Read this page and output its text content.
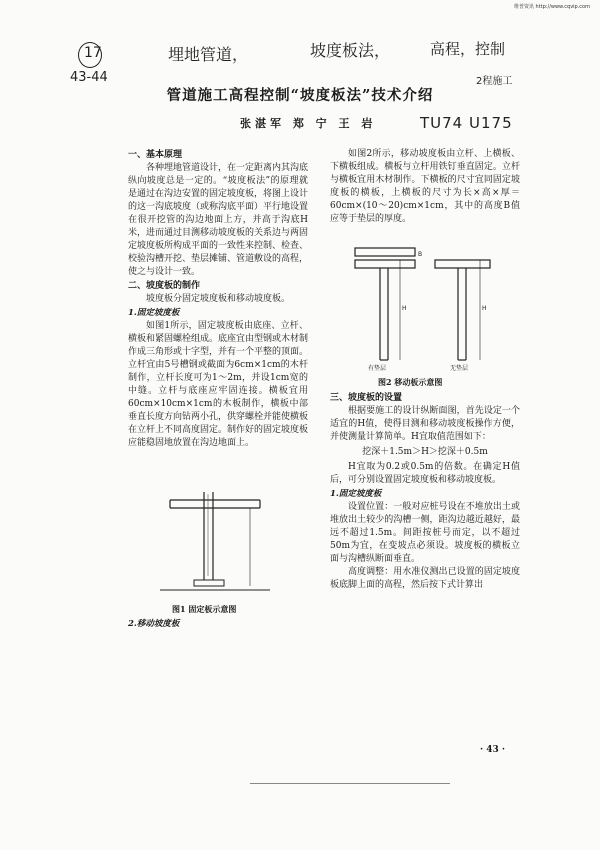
维普资讯 http://www.cqvip.com
17
43-44
埋地管道，	坡度板法，	高程，控制
2程施工
TU74 U175
管道施工高程控制“坡度板法”技术介绍
张湛军 郑 宁 王 岩
一、基本原理

各种埋地管道设计，在一定距离内其沟底纵向坡度总是一定的。“坡度板法”的原理就是通过在沟边安置的固定坡度板，将图上设计的这一沟底坡度（或称沟底平面）平行地设置在很开挖管的沟边地面上方，并高于沟底H米，进而通过目测移动坡度板的关系边与两固定坡度板所构成平面的一致性来控制、检查、校验沟槽开挖、垫层摊铺、管道敷设的高程，使之与设计一致。

二、坡度板的制作

坡度板分固定坡度板和移动坡度板。

1.固定坡度板

如图1所示，固定坡度板由底座、立杆、横板和紧固螺栓组成。底座宜由型钢或木材制作成三角形或十字型，并有一个平整的顶面。立杆宜由5号槽钢或截面为6cm×1cm的木杆制作，立杆长度可为1～2m，并设1cm宽的中缝。立杆与底座应牢固连接。横板宜用60cm×10cm×1cm的木板制作，横板中部垂直长度方向钻两小孔，供穿螺栓并能使横板在立杆上不同高度固定。制作好的固定坡度板应能稳固地放置在沟边地面上。

图1 固定板示意图
2.移动坡度板

如图2所示，移动坡度板由立杆、上横板、下横板组成。横板与立杆用铁钉垂直固定。立杆与横板宜用木材制作。下横板的尺寸宜同固定坡度板的横板，上横板的尺寸为长×高×厚＝60cm×(10～20)cm×1cm，其中的高度B值应等于垫层的厚度。

B
H	H
有垫层	无垫层
图2 移动板示意图
三、坡度板的设置

根据要施工的设计纵断面图，首先设定一个适宜的H值，使得目测和移动坡度板操作方便，并使测量计算简单。H宜取值范围如下：

挖深＋1.5m＞H＞挖深＋0.5m

H宜取为0.2或0.5m的倍数。在确定H值后，可分别设置固定坡度板和移动坡度板。

1.固定坡度板

设置位置：一般对应桩号设在不堆放出土或堆放出土较少的沟槽一侧，距沟边越近越好，最远不超过1.5m。间距按桩号而定，以不超过50m为宜，在变坡点必须设。坡度板的横板立面与沟槽纵断面垂直。

高度调整：用水准仪测出已设置的固定坡度板底脚上面的高程，然后按下式计算出

· 43 ·
